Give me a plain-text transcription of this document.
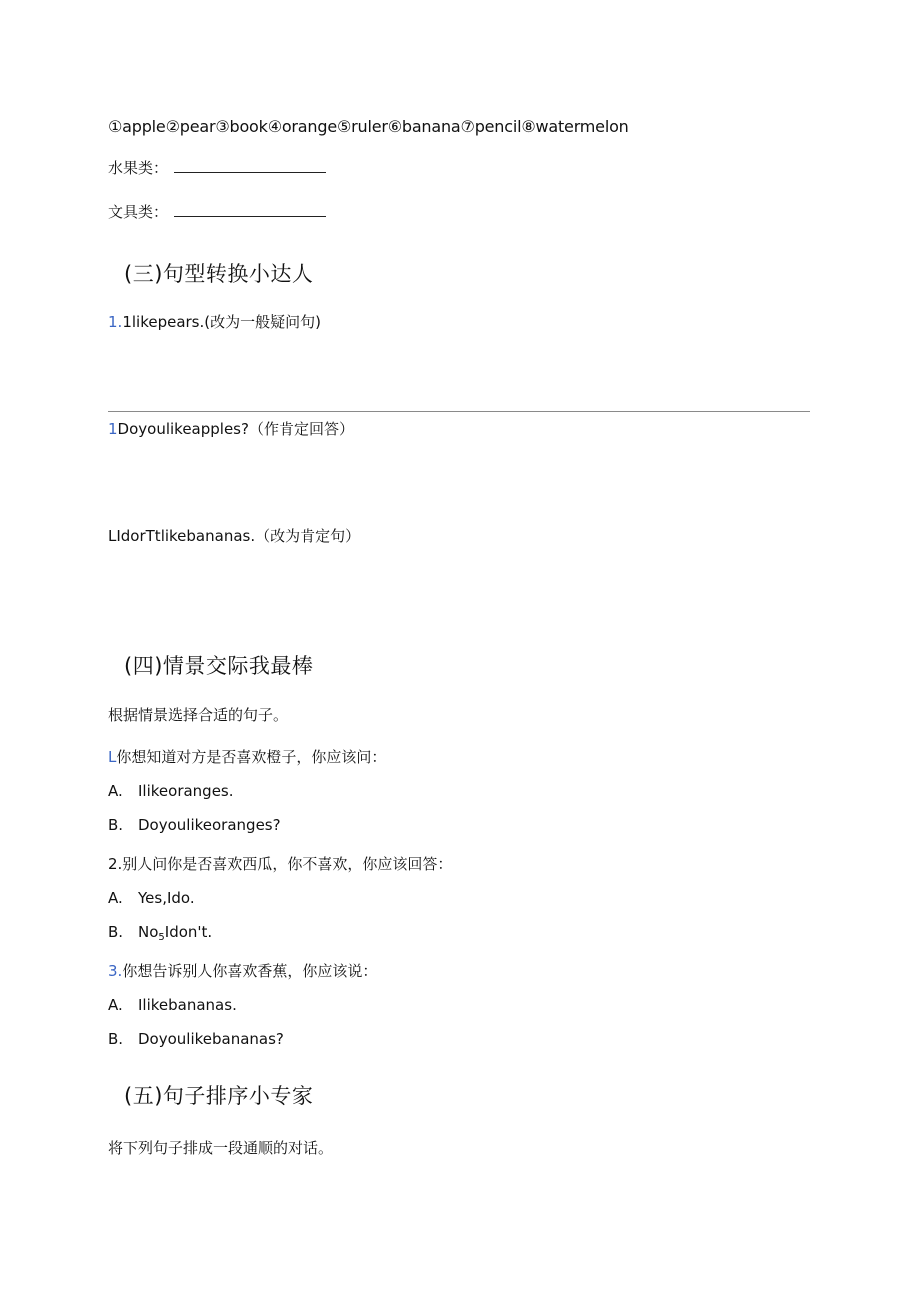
①apple②pear③book④orange⑤ruler⑥banana⑦pencil⑧watermelon
水果类：
文具类：
(三)句型转换小达人
1.1likepears.(改为一般疑问句)
1Doyoulikeapples?（作肯定回答）
LIdorTtlikebananas.（改为肯定句）
(四)情景交际我最棒
根据情景选择合适的句子。
L你想知道对方是否喜欢橙子，你应该问：
A. Ilikeoranges.
B. Doyoulikeoranges?
2.别人问你是否喜欢西瓜，你不喜欢，你应该回答：
A. Yes,Ido.
B. $No_5Idon't$.
3.你想告诉别人你喜欢香蕉，你应该说：
A. Ilikebananas.
B. Doyoulikebananas?
(五)句子排序小专家
将下列句子排成一段通顺的对话。
